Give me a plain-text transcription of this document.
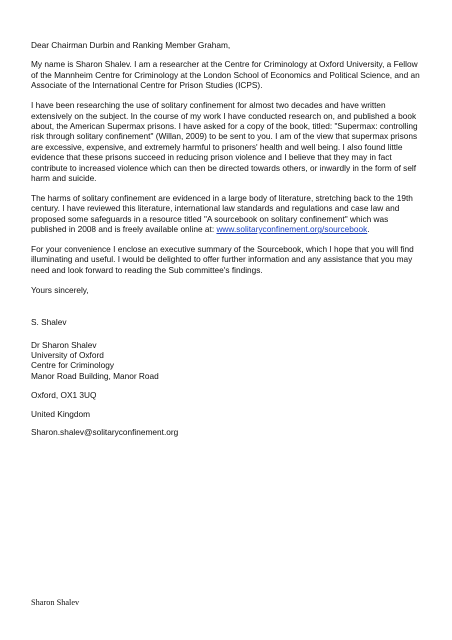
Dear Chairman Durbin and Ranking Member Graham,

My name is Sharon Shalev. I am a researcher at the Centre for Criminology at Oxford University, a Fellow of the Mannheim Centre for Criminology at the London School of Economics and Political Science, and an Associate of the International Centre for Prison Studies (ICPS).

I have been researching the use of solitary confinement for almost two decades and have written extensively on the subject. In the course of my work I have conducted research on, and published a book about, the American Supermax prisons. I have asked for a copy of the book, titled: "Supermax: controlling risk through solitary confinement" (Willan, 2009) to be sent to you. I am of the view that supermax prisons are excessive, expensive, and extremely harmful to prisoners' health and well being. I also found little evidence that these prisons succeed in reducing prison violence and I believe that they may in fact contribute to increased violence which can then be directed towards others, or inwardly in the form of self harm and suicide.

The harms of solitary confinement are evidenced in a large body of literature, stretching back to the 19th century. I have reviewed this literature, international law standards and regulations and case law and proposed some safeguards in a resource titled "A sourcebook on solitary confinement" which was published in 2008 and is freely available online at: www.solitaryconfinement.org/sourcebook.

For your convenience I enclose an executive summary of the Sourcebook, which I hope that you will find illuminating and useful. I would be delighted to offer further information and any assistance that you may need and look forward to reading the Sub committee's findings.

Yours sincerely,

S. Shalev

Dr Sharon Shalev
University of Oxford
Centre for Criminology
Manor Road Building, Manor Road

Oxford, OX1 3UQ

United Kingdom

Sharon.shalev@solitaryconfinement.org

Sharon Shalev
